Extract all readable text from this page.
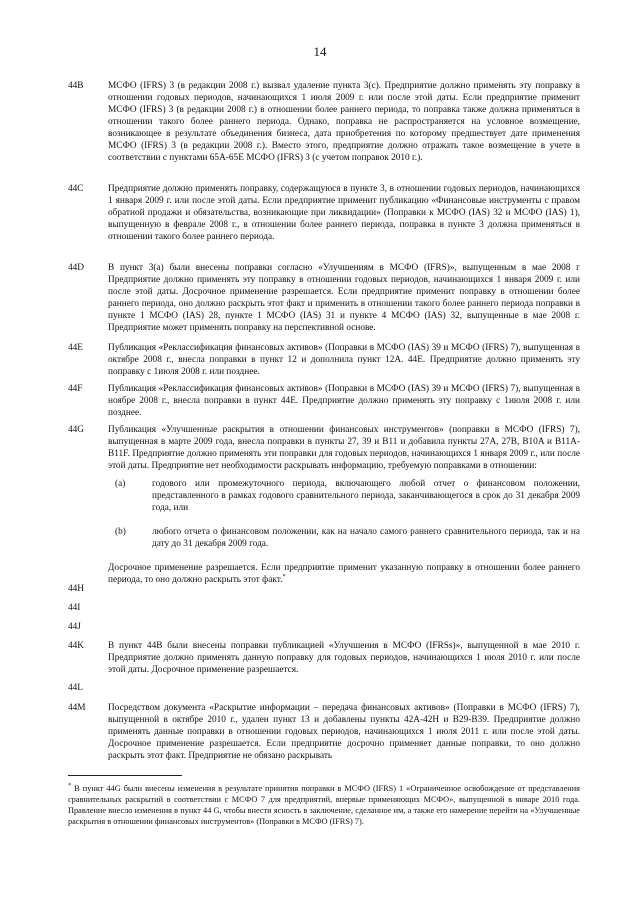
14
44B	МСФО (IFRS) 3 (в редакции 2008 г.) вызвал удаление пункта 3(c). Предприятие должно применять эту поправку в отношении годовых периодов, начинающихся 1 июля 2009 г. или после этой даты. Если предприятие применит МСФО (IFRS) 3 (в редакции 2008 г.) в отношении более раннего периода, то поправка также должна применяться в отношении такого более раннего периода. Однако, поправка не распространяется на условное возмещение, возникающее в результате объединения бизнеса, дата приобретения по которому предшествует дате применения МСФО (IFRS) 3 (в редакции 2008 г.). Вместо этого, предприятие должно отражать такое возмещение в учете в соответствии с пунктами 65A-65E МСФО (IFRS) 3 (с учетом поправок 2010 г.).
44C	Предприятие должно применять поправку, содержащуюся в пункте 3, в отношении годовых периодов, начинающихся 1 января 2009 г. или после этой даты. Если предприятие применит публикацию «Финансовые инструменты с правом обратной продажи и обязательства, возникающие при ликвидации» (Поправки к МСФО (IAS) 32 и МСФО (IAS) 1), выпущенную в феврале 2008 г., в отношении более раннего периода, поправка в пункте 3 должна применяться в отношении такого более раннего периода.
44D	В пункт 3(а) были внесены поправки согласно «Улучшениям в МСФО (IFRS)», выпущенным в мае 2008 г Предприятие должно применять эту поправку в отношении годовых периодов, начинающихся 1 января 2009 г. или после этой даты. Досрочное применение разрешается. Если предприятие применит поправку в отношении более раннего периода, оно должно раскрыть этот факт и применить в отношении такого более раннего периода поправки в пункте 1 МСФО (IAS) 28, пункте 1 МСФО (IAS) 31 и пункте 4 МСФО (IAS) 32, выпущенные в мае 2008 г. Предприятие может применять поправку на перспективной основе.
44E	Публикация «Реклассификация финансовых активов» (Поправки в МСФО (IAS) 39 и МСФО (IFRS) 7), выпущенная в октябре 2008 г., внесла поправки в пункт 12 и дополнила пункт 12A. 44E. Предприятие должно применять эту поправку с 1июля 2008 г. или позднее.
44F	Публикация «Реклассификация финансовых активов» (Поправки в МСФО (IAS) 39 и МСФО (IFRS) 7), выпущенная в ноябре 2008 г., внесла поправки в пункт 44E. Предприятие должно применять эту поправку с 1июля 2008 г. или позднее.
44G	Публикация «Улучшенные раскрытия в отношении финансовых инструментов» (поправки в МСФО (IFRS) 7), выпущенная в марте 2009 года, внесла поправки в пункты 27, 39 и B11 и добавила пункты 27A, 27B, B10A и B11A-B11F. Предприятие должно применять эти поправки для годовых периодов, начинающихся 1 января 2009 г., или после этой даты. Предприятие нет необходимости раскрывать информацию, требуемую поправками в отношении:
(a)	годового или промежуточного периода, включающего любой отчет о финансовом положении, представленного в рамках годового сравнительного периода, заканчивающегося в срок до 31 декабря 2009 года, или
(b)	любого отчета о финансовом положении, как на начало самого раннего сравнительного периода, так и на дату до 31 декабря 2009 года.
Досрочное применение разрешается. Если предприятие применит указанную поправку в отношении более раннего периода, то оно должно раскрыть этот факт.*
44H
44I
44J
44K	В пункт 44B были внесены поправки публикацией «Улучшения в МСФО (IFRSs)», выпущенной в мае 2010 г. Предприятие должно применять данную поправку для годовых периодов, начинающихся 1 июля 2010 г. или после этой даты. Досрочное применение разрешается.
44L
44M	Посредством документа «Раскрытие информации – передача финансовых активов» (Поправки в МСФО (IFRS) 7), выпущенной в октябре 2010 г., удален пункт 13 и добавлены пункты 42A-42H и B29-B39. Предприятие должно применять данные поправки в отношении годовых периодов, начинающихся 1 июля 2011 г. или после этой даты. Досрочное применение разрешается. Если предприятие досрочно применяет данные поправки, то оно должно раскрыть этот факт. Предприятие не обязано раскрывать
* В пункт 44G были внесены изменения в результате принятия поправки в МСФО (IFRS) 1 «Ограниченное освобождение от представления сравнительных раскрытий в соответствии с МСФО 7 для предприятий, впервые применяющих МСФО», выпущенной в январе 2010 года. Правление внесло изменения в пункт 44 G, чтобы внести ясность в заключение, сделанное им, а также его намерение перейти на «Улучшенные раскрытия в отношении финансовых инструментов» (Поправки в МСФО (IFRS) 7).
